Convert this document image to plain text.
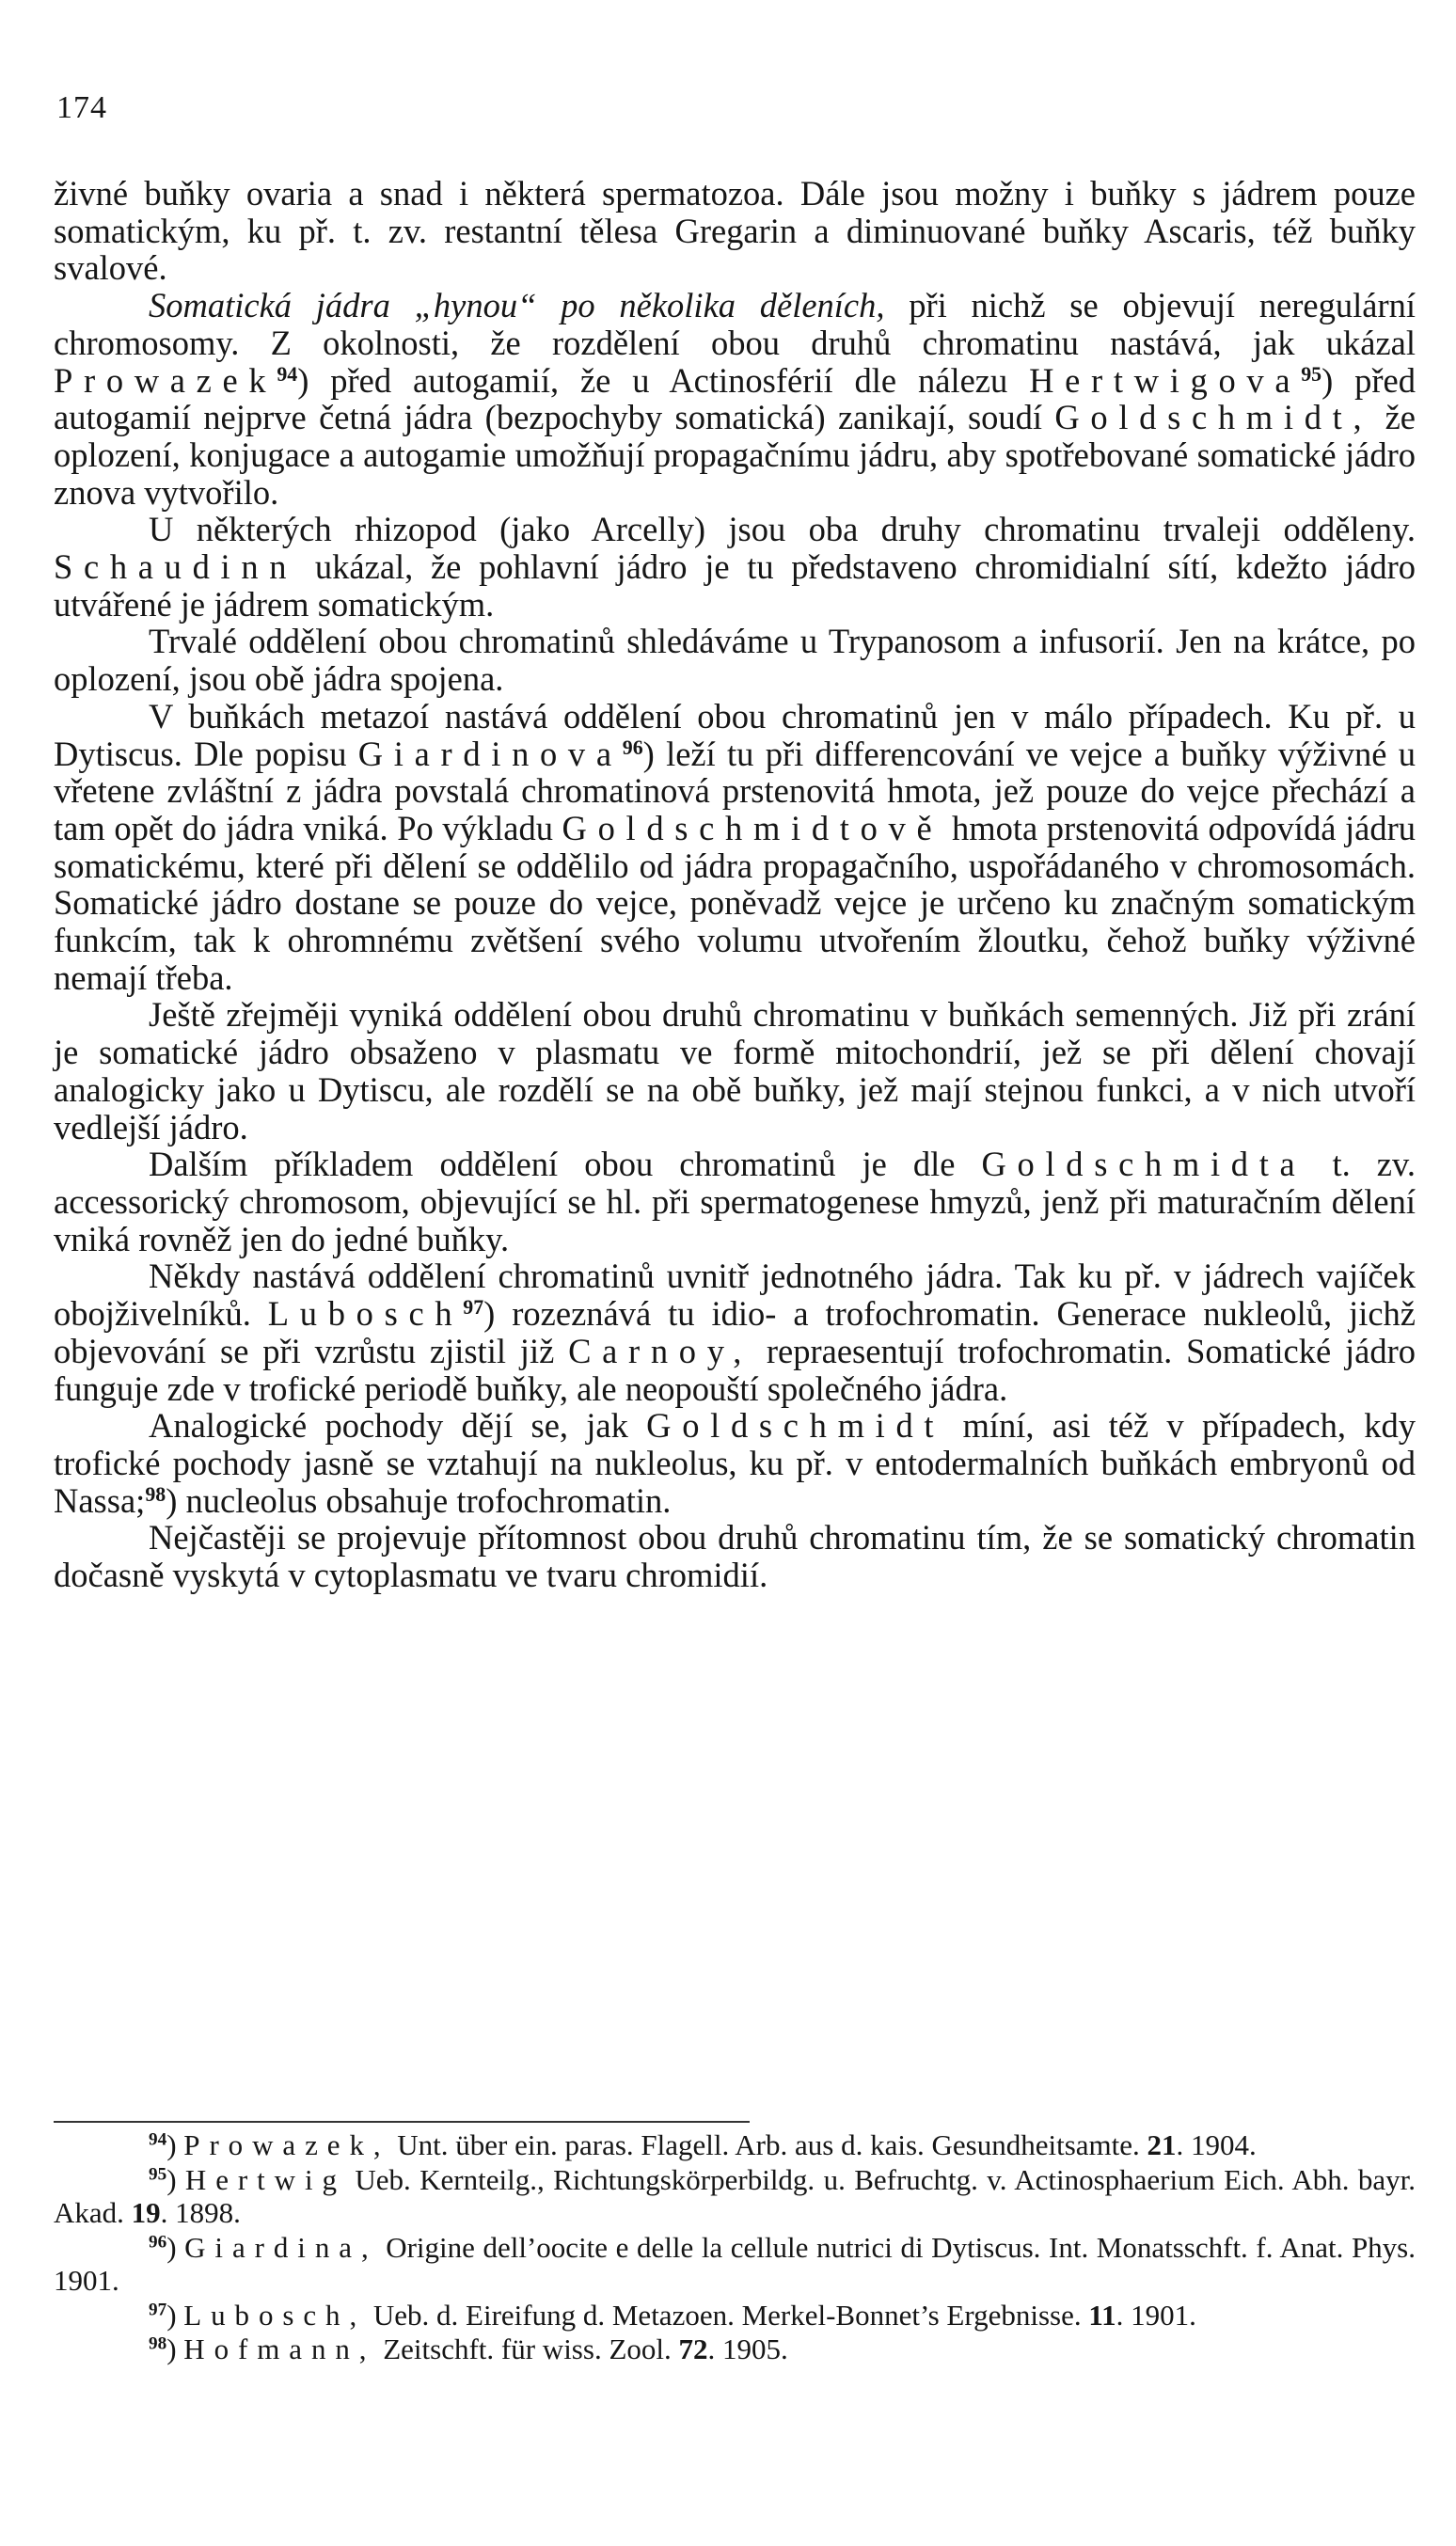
174

živné buňky ovaria a snad i některá spermatozoa. Dále jsou možny i buňky s jádrem pouze somatickým, ku př. t. zv. restantní tělesa Gregarin a diminuované buňky Ascaris, též buňky svalové.

Somatická jádra „hynou“ po několika děleních, při nichž se objevují neregulární chromosomy. Z okolnosti, že rozdělení obou druhů chromatinu nastává, jak ukázal Prowazek$^{94}$) před autogamií, že u Actinosférií dle nálezu Hertwigova$^{95}$) před autogamií nejprve četná jádra (bezpochyby somatická) zanikají, soudí Goldschmidt, že oplození, konjugace a autogamie umožňují propagačnímu jádru, aby spotřebované somatické jádro znova vytvořilo.

U některých rhizopod (jako Arcelly) jsou oba druhy chromatinu trvaleji odděleny. Schaudinn ukázal, že pohlavní jádro je tu představeno chromidialní sítí, kdežto jádro utvářené je jádrem somatickým.

Trvalé oddělení obou chromatinů shledáváme u Trypanosom a infusorií. Jen na krátce, po oplození, jsou obě jádra spojena.

V buňkách metazoí nastává oddělení obou chromatinů jen v málo případech. Ku př. u Dytiscus. Dle popisu Giardinova$^{96}$) leží tu při differencování ve vejce a buňky výživné u vřetene zvláštní z jádra povstalá chromatinová prstenovitá hmota, jež pouze do vejce přechází a tam opět do jádra vniká. Po výkladu Goldschmidtově hmota prstenovitá odpovídá jádru somatickému, které při dělení se oddělilo od jádra propagačního, uspořádaného v chromosomách. Somatické jádro dostane se pouze do vejce, poněvadž vejce je určeno ku značným somatickým funkcím, tak k ohromnému zvětšení svého volumu utvořením žloutku, čehož buňky výživné nemají třeba.

Ještě zřejměji vyniká oddělení obou druhů chromatinu v buňkách semenných. Již při zrání je somatické jádro obsaženo v plasmatu ve formě mitochondrií, jež se při dělení chovají analogicky jako u Dytiscu, ale rozdělí se na obě buňky, jež mají stejnou funkci, a v nich utvoří vedlejší jádro.

Dalším příkladem oddělení obou chromatinů je dle Goldschmidta t. zv. accessorický chromosom, objevující se hl. při spermatogenese hmyzů, jenž při maturačním dělení vniká rovněž jen do jedné buňky.

Někdy nastává oddělení chromatinů uvnitř jednotného jádra. Tak ku př. v jádrech vajíček obojživelníků. Lubosch$^{97}$) rozeznává tu idio- a trofochromatin. Generace nukleolů, jichž objevování se při vzrůstu zjistil již Carnoy, repraesentují trofochromatin. Somatické jádro funguje zde v trofické periodě buňky, ale neopouští společného jádra.

Analogické pochody dějí se, jak Goldschmidt míní, asi též v případech, kdy trofické pochody jasně se vztahují na nukleolus, ku př. v entodermalních buňkách embryonů od Nassa;$^{98}$) nucleolus obsahuje trofochromatin.

Nejčastěji se projevuje přítomnost obou druhů chromatinu tím, že se somatický chromatin dočasně vyskytá v cytoplasmatu ve tvaru chromidií.

$^{94}$) Prowazek, Unt. über ein. paras. Flagell. Arb. aus d. kais. Gesundheitsamte. 21. 1904.

$^{95}$) Hertwig Ueb. Kernteilg., Richtungskörperbildg. u. Befruchtg. v. Actinosphaerium Eich. Abh. bayr. Akad. 19. 1898.

$^{96}$) Giardina, Origine dell’oocite e delle la cellule nutrici di Dytiscus. Int. Monatsschft. f. Anat. Phys. 1901.

$^{97}$) Lubosch, Ueb. d. Eireifung d. Metazoen. Merkel-Bonnet’s Ergebnisse. 11. 1901.

$^{98}$) Hofmann, Zeitschft. für wiss. Zool. 72. 1905.
